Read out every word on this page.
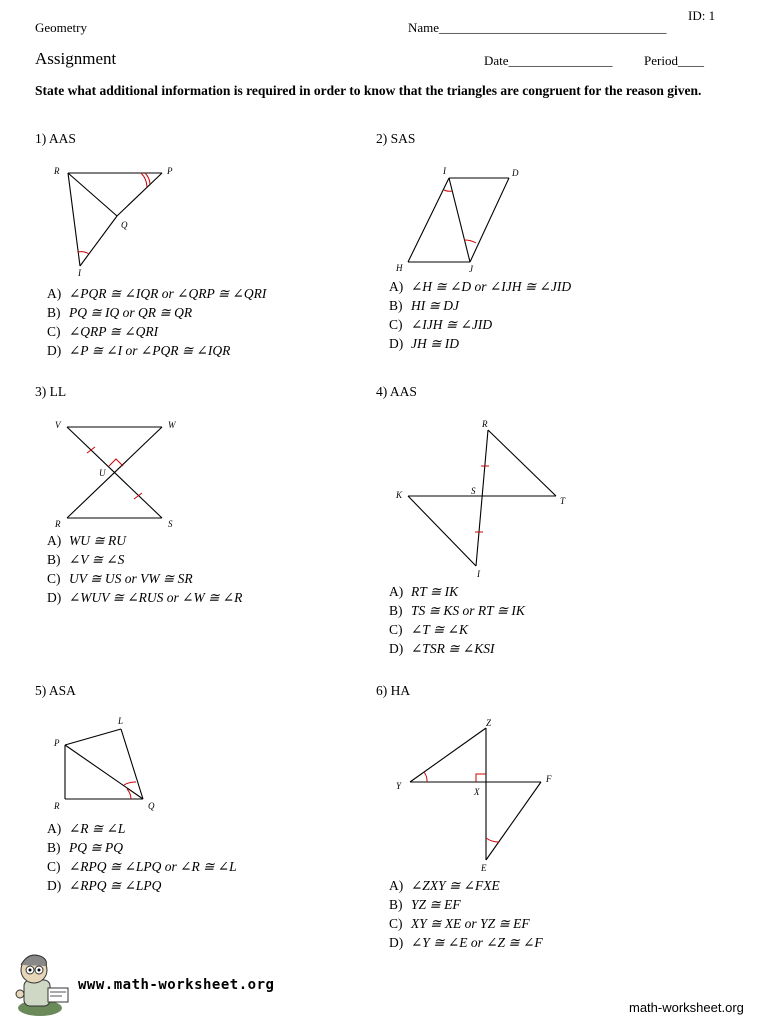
ID: 1
Geometry	Name___________________________________
Assignment	Date________________ Period____
State what additional information is required in order to know that the triangles are congruent for the reason given.
1) AAS
R	P
Q
I
A) ∠PQR ≅ ∠IQR or ∠QRP ≅ ∠QRI
B) PQ ≅ IQ or QR ≅ QR
C) ∠QRP ≅ ∠QRI
D) ∠P ≅ ∠I or ∠PQR ≅ ∠IQR
2) SAS
I	D
H	J
A) ∠H ≅ ∠D or ∠IJH ≅ ∠JID
B) HI ≅ DJ
C) ∠IJH ≅ ∠JID
D) JH ≅ ID
3) LL
V	W
U
R	S
A) WU ≅ RU
B) ∠V ≅ ∠S
C) UV ≅ US or VW ≅ SR
D) ∠WUV ≅ ∠RUS or ∠W ≅ ∠R
4) AAS
R
K	S
T
I
A) RT ≅ IK
B) TS ≅ KS or RT ≅ IK
C) ∠T ≅ ∠K
D) ∠TSR ≅ ∠KSI
5) ASA
L
P
R	Q
A) ∠R ≅ ∠L
B) PQ ≅ PQ
C) ∠RPQ ≅ ∠LPQ or ∠R ≅ ∠L
D) ∠RPQ ≅ ∠LPQ
6) HA
Z
Y
X
F
E
A) ∠ZXY ≅ ∠FXE
B) YZ ≅ EF
C) XY ≅ XE or YZ ≅ EF
D) ∠Y ≅ ∠E or ∠Z ≅ ∠F
www.math-worksheet.org
math-worksheet.org
